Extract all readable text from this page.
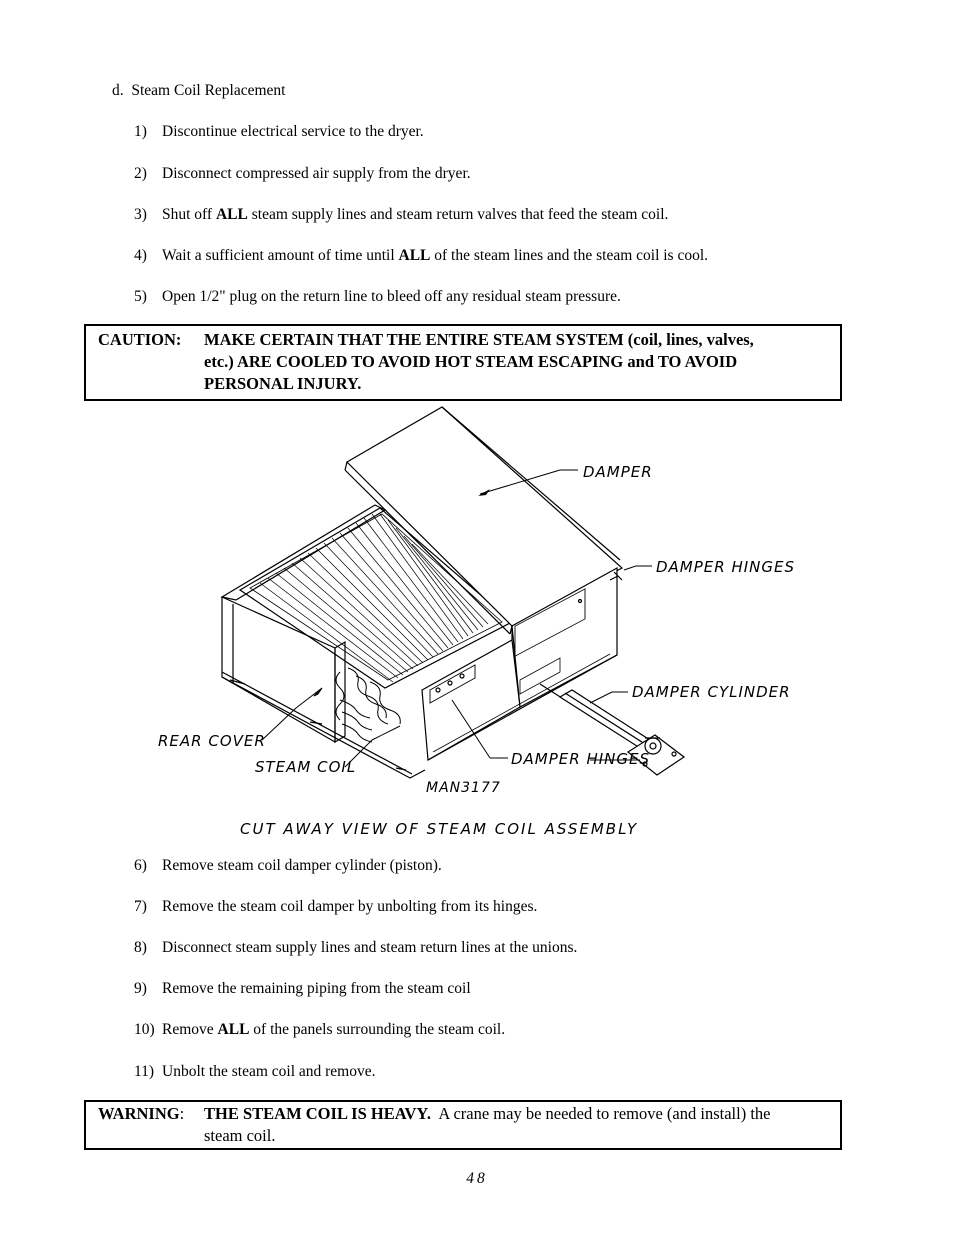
d. Steam Coil Replacement
1) Discontinue electrical service to the dryer.
2) Disconnect compressed air supply from the dryer.
3) Shut off ALL steam supply lines and steam return valves that feed the steam coil.
4) Wait a sufficient amount of time until ALL of the steam lines and the steam coil is cool.
5) Open 1/2" plug on the return line to bleed off any residual steam pressure.
CAUTION: MAKE CERTAIN THAT THE ENTIRE STEAM SYSTEM (coil, lines, valves,
etc.) ARE COOLED TO AVOID HOT STEAM ESCAPING and TO AVOID
PERSONAL INJURY.
DAMPER
DAMPER HINGES
DAMPER CYLINDER
REAR COVER
STEAM COIL	DAMPER HINGES
MAN3177
CUT AWAY VIEW OF STEAM COIL ASSEMBLY
6) Remove steam coil damper cylinder (piston).
7) Remove the steam coil damper by unbolting from its hinges.
8) Disconnect steam supply lines and steam return lines at the unions.
9) Remove the remaining piping from the steam coil
10) Remove ALL of the panels surrounding the steam coil.
11) Unbolt the steam coil and remove.
WARNING: THE STEAM COIL IS HEAVY. A crane may be needed to remove (and install) the
steam coil.
48
